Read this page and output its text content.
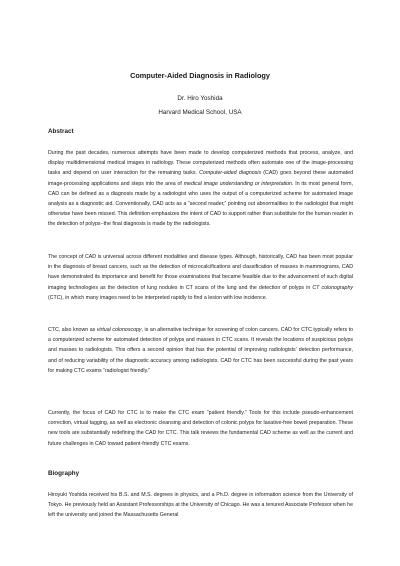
Computer-Aided Diagnosis in Radiology
Dr. Hiro Yoshida
Harvard Medical School, USA
Abstract
During the past decades, numerous attempts have been made to develop computerized methods that process, analyze, and display multidimensional medical images in radiology. These computerized methods often automate one of the image-processing tasks and depend on user interaction for the remaining tasks. Computer-aided diagnosis (CAD) goes beyond these automated image-processing applications and steps into the area of medical image understanding or interpretation. In its most general form, CAD can be defined as a diagnosis made by a radiologist who uses the output of a computerized scheme for automated image analysis as a diagnostic aid. Conventionally, CAD acts as a “second reader,” pointing out abnormalities to the radiologist that might otherwise have been missed. This definition emphasizes the intent of CAD to support rather than substitute for the human reader in the detection of polyps−the final diagnosis is made by the radiologists.
The concept of CAD is universal across different modalities and disease types. Although, historically, CAD has been most popular in the diagnosis of breast cancers, such as the detection of microcalcifications and classification of masses in mammograms, CAD have demonstrated its importance and benefit for those examinations that became feasible due to the advancement of such digital imaging technologies as the detection of lung nodules in CT scans of the lung and the detection of polyps in CT colonography (CTC), in which many images need to be interpreted rapidly to find a lesion with low incidence.
CTC, also known as virtual colonoscopy, is an alternative technique for screening of colon cancers. CAD for CTC typically refers to a computerized scheme for automated detection of polyps and masses in CTC scans. It reveals the locations of suspicious polyps and masses to radiologists. This offers a second opinion that has the potential of improving radiologists’ detection performance, and of reducing variability of the diagnostic accuracy among radiologists. CAD for CTC has been successful during the past years for making CTC exams “radiologist friendly.”
Currently, the focus of CAD for CTC is to make the CTC exam “patient friendly.” Tools for this include pseudo-enhancement correction, virtual tagging, as well as electronic cleansing and detection of colonic polyps for laxative-free bowel preparation. These new tools are substantially redefining the CAD for CTC. This talk reviews the fundamental CAD scheme as well as the current and future challenges in CAD toward patient-friendly CTC exams.
Biography
Hiroyuki Yoshida received his B.S. and M.S. degrees in physics, and a Ph.D. degree in information science from the University of Tokyo. He previously held an Assistant Professorships at the University of Chicago. He was a tenured Associate Professor when he left the university and joined the Massachusetts General
